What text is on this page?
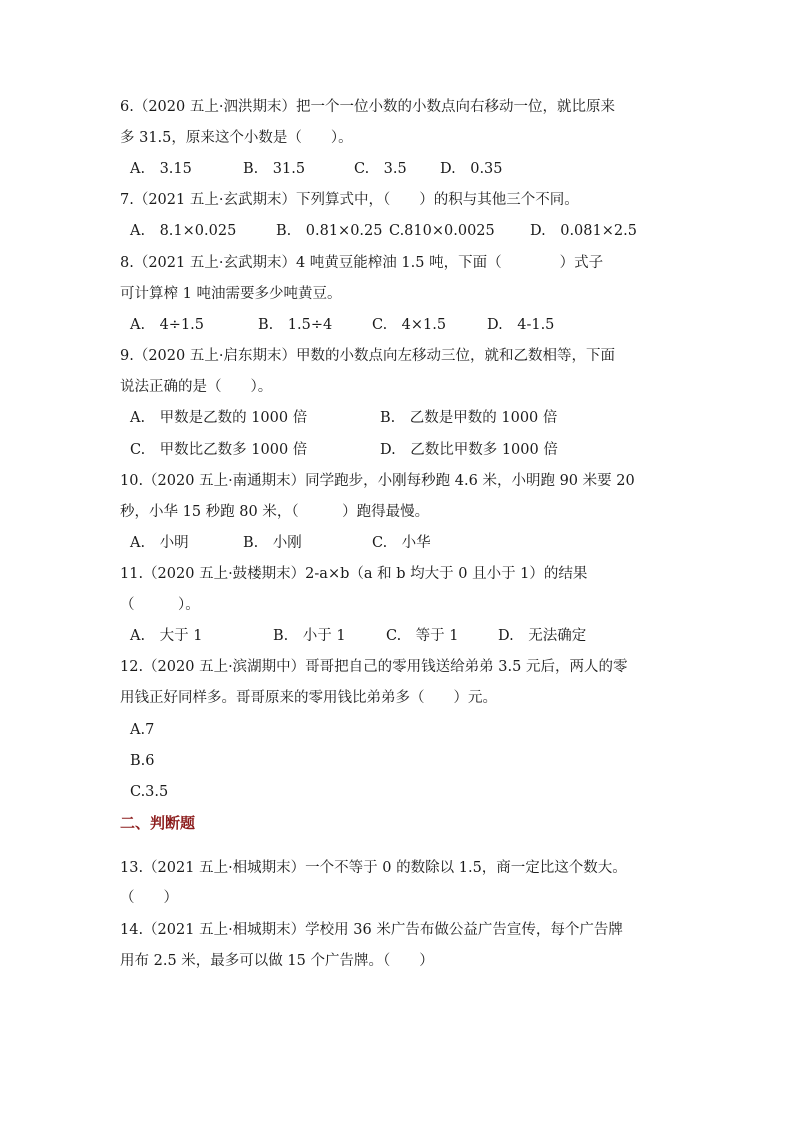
6.（2020 五上·泗洪期末）把一个一位小数的小数点向右移动一位，就比原来
多 31.5，原来这个小数是（　　）。
A.　3.15	B.　31.5	C.　3.5 D.　0.35
7.（2021 五上·玄武期末）下列算式中，（　　）的积与其他三个不同。
A.　8.1×0.025	B.　0.81×0.25 C.810×0.0025 D.　0.081×2.5
8.（2021 五上·玄武期末）4 吨黄豆能榨油 1.5 吨，下面（　　　　）式子
可计算榨 1 吨油需要多少吨黄豆。
A.　4÷1.5	B.　1.5÷4	C.　4×1.5	D.　4-1.5
9.（2020 五上·启东期末）甲数的小数点向左移动三位，就和乙数相等，下面
说法正确的是（　　）。
A.　甲数是乙数的 1000 倍	B.　乙数是甲数的 1000 倍
C.　甲数比乙数多 1000 倍	D.　乙数比甲数多 1000 倍
10.（2020 五上·南通期末）同学跑步，小刚每秒跑 4.6 米，小明跑 90 米要 20
秒，小华 15 秒跑 80 米，（　　　）跑得最慢。
A.　小明	B.　小刚	C.　小华
11.（2020 五上·鼓楼期末）2-a×b（a 和 b 均大于 0 且小于 1）的结果
（　　　）。
A.　大于 1	B.　小于 1	C.　等于 1	D.　无法确定
12.（2020 五上·滨湖期中）哥哥把自己的零用钱送给弟弟 3.5 元后，两人的零
用钱正好同样多。哥哥原来的零用钱比弟弟多（　　）元。
A.7
B.6
C.3.5
二、判断题
13.（2021 五上·相城期末）一个不等于 0 的数除以 1.5，商一定比这个数大。
（　　）
14.（2021 五上·相城期末）学校用 36 米广告布做公益广告宣传，每个广告牌
用布 2.5 米，最多可以做 15 个广告牌。（　　）
